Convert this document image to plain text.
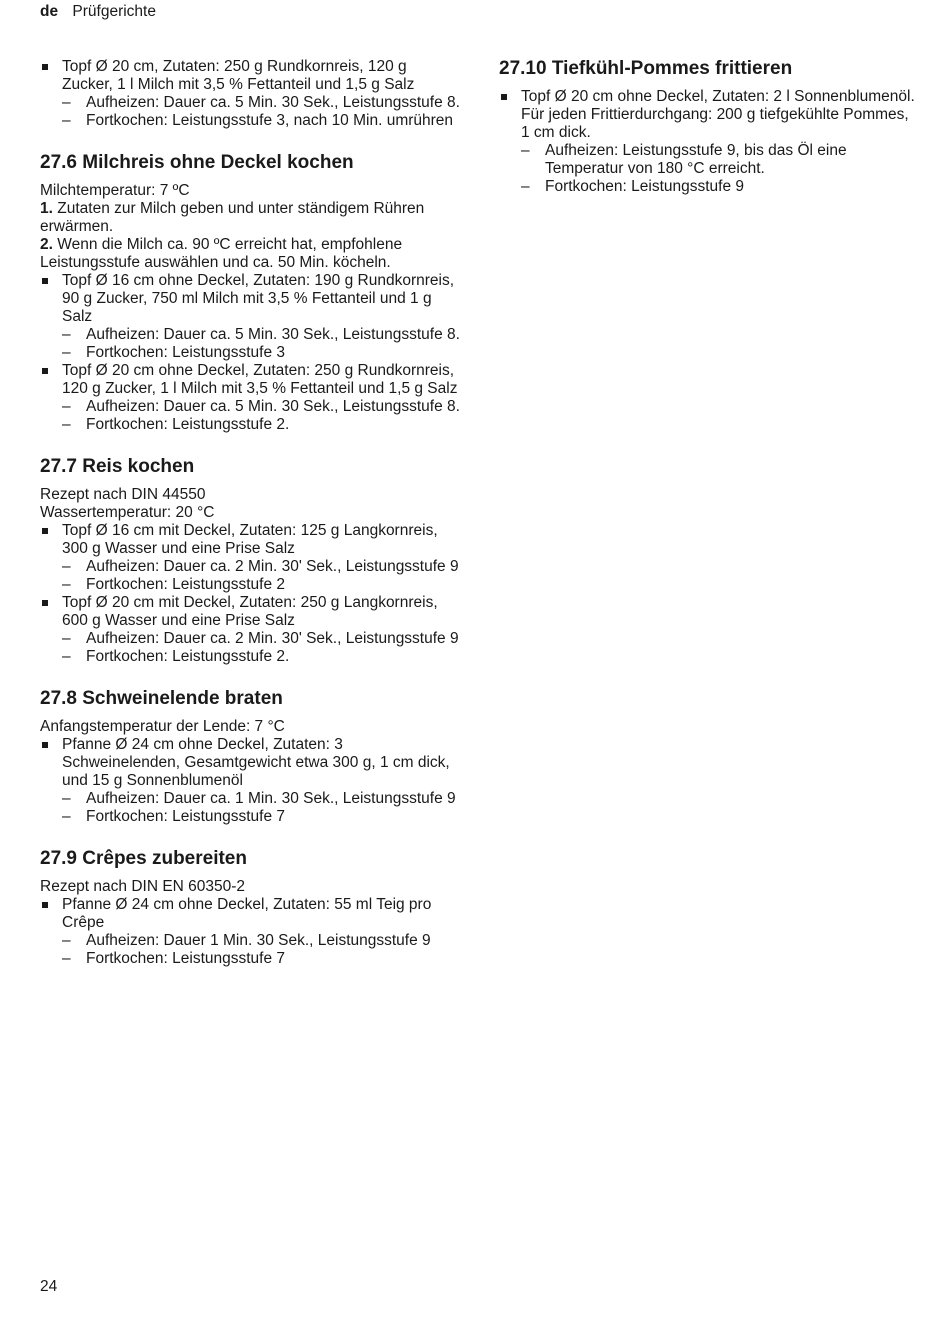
de Prüfgerichte
Topf Ø 20 cm, Zutaten: 250 g Rundkornreis, 120 g Zucker, 1 l Milch mit 3,5 % Fettanteil und 1,5 g Salz
– Aufheizen: Dauer ca. 5 Min. 30 Sek., Leistungsstufe 8.
– Fortkochen: Leistungsstufe 3, nach 10 Min. umrühren
27.6 Milchreis ohne Deckel kochen

Milchtemperatur: 7 ºC

1. Zutaten zur Milch geben und unter ständigem Rühren erwärmen.

2. Wenn die Milch ca. 90 ºC erreicht hat, empfohlene Leistungsstufe auswählen und ca. 50 Min. köcheln.

Topf Ø 16 cm ohne Deckel, Zutaten: 190 g Rundkornreis, 90 g Zucker, 750 ml Milch mit 3,5 % Fettanteil und 1 g Salz
– Aufheizen: Dauer ca. 5 Min. 30 Sek., Leistungsstufe 8.
– Fortkochen: Leistungsstufe 3
Topf Ø 20 cm ohne Deckel, Zutaten: 250 g Rundkornreis, 120 g Zucker, 1 l Milch mit 3,5 % Fettanteil und 1,5 g Salz
– Aufheizen: Dauer ca. 5 Min. 30 Sek., Leistungsstufe 8.
– Fortkochen: Leistungsstufe 2.
27.7 Reis kochen

Rezept nach DIN 44550

Wassertemperatur: 20 °C

Topf Ø 16 cm mit Deckel, Zutaten: 125 g Langkornreis, 300 g Wasser und eine Prise Salz
– Aufheizen: Dauer ca. 2 Min. 30' Sek., Leistungsstufe 9
– Fortkochen: Leistungsstufe 2
Topf Ø 20 cm mit Deckel, Zutaten: 250 g Langkornreis, 600 g Wasser und eine Prise Salz
– Aufheizen: Dauer ca. 2 Min. 30' Sek., Leistungsstufe 9
– Fortkochen: Leistungsstufe 2.
27.8 Schweinelende braten

Anfangstemperatur der Lende: 7 °C

Pfanne Ø 24 cm ohne Deckel, Zutaten: 3 Schweinelenden, Gesamtgewicht etwa 300 g, 1 cm dick, und 15 g Sonnenblumenöl
– Aufheizen: Dauer ca. 1 Min. 30 Sek., Leistungsstufe 9
– Fortkochen: Leistungsstufe 7
27.9 Crêpes zubereiten

Rezept nach DIN EN 60350-2

Pfanne Ø 24 cm ohne Deckel, Zutaten: 55 ml Teig pro Crêpe
– Aufheizen: Dauer 1 Min. 30 Sek., Leistungsstufe 9
– Fortkochen: Leistungsstufe 7
27.10 Tiefkühl-Pommes frittieren
Topf Ø 20 cm ohne Deckel, Zutaten: 2 l Sonnenblumenöl. Für jeden Frittierdurchgang: 200 g tiefgekühlte Pommes, 1 cm dick.
– Aufheizen: Leistungsstufe 9, bis das Öl eine Temperatur von 180 °C erreicht.
– Fortkochen: Leistungsstufe 9
24
